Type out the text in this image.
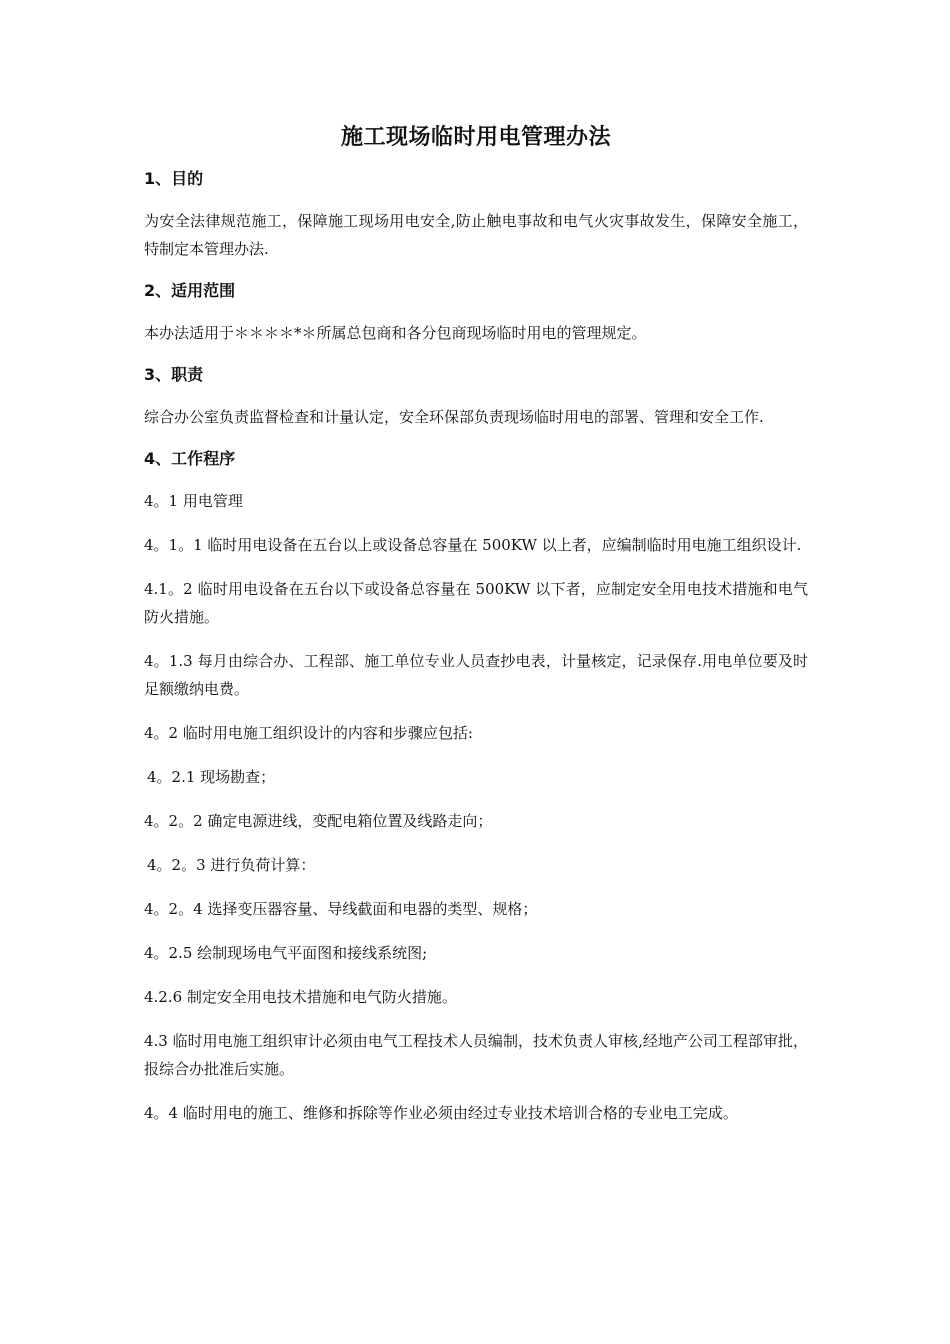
施工现场临时用电管理办法
1、目的
为安全法律规范施工，保障施工现场用电安全,防止触电事故和电气火灾事故发生，保障安全施工，特制定本管理办法.
2、适用范围
本办法适用于＊＊＊＊*＊所属总包商和各分包商现场临时用电的管理规定。
3、职责
综合办公室负责监督检查和计量认定，安全环保部负责现场临时用电的部署、管理和安全工作.
4、工作程序
4。1 用电管理
4。1。1 临时用电设备在五台以上或设备总容量在 500KW 以上者，应编制临时用电施工组织设计.
4.1。2 临时用电设备在五台以下或设备总容量在 500KW 以下者，应制定安全用电技术措施和电气防火措施。
4。1.3 每月由综合办、工程部、施工单位专业人员查抄电表，计量核定，记录保存.用电单位要及时足额缴纳电费。
4。2 临时用电施工组织设计的内容和步骤应包括:
4。2.1 现场勘查；
4。2。2 确定电源进线，变配电箱位置及线路走向；
4。2。3 进行负荷计算：
4。2。4 选择变压器容量、导线截面和电器的类型、规格；
4。2.5 绘制现场电气平面图和接线系统图;
4.2.6 制定安全用电技术措施和电气防火措施。
4.3 临时用电施工组织审计必须由电气工程技术人员编制，技术负责人审核,经地产公司工程部审批，报综合办批准后实施。
4。4 临时用电的施工、维修和拆除等作业必须由经过专业技术培训合格的专业电工完成。
